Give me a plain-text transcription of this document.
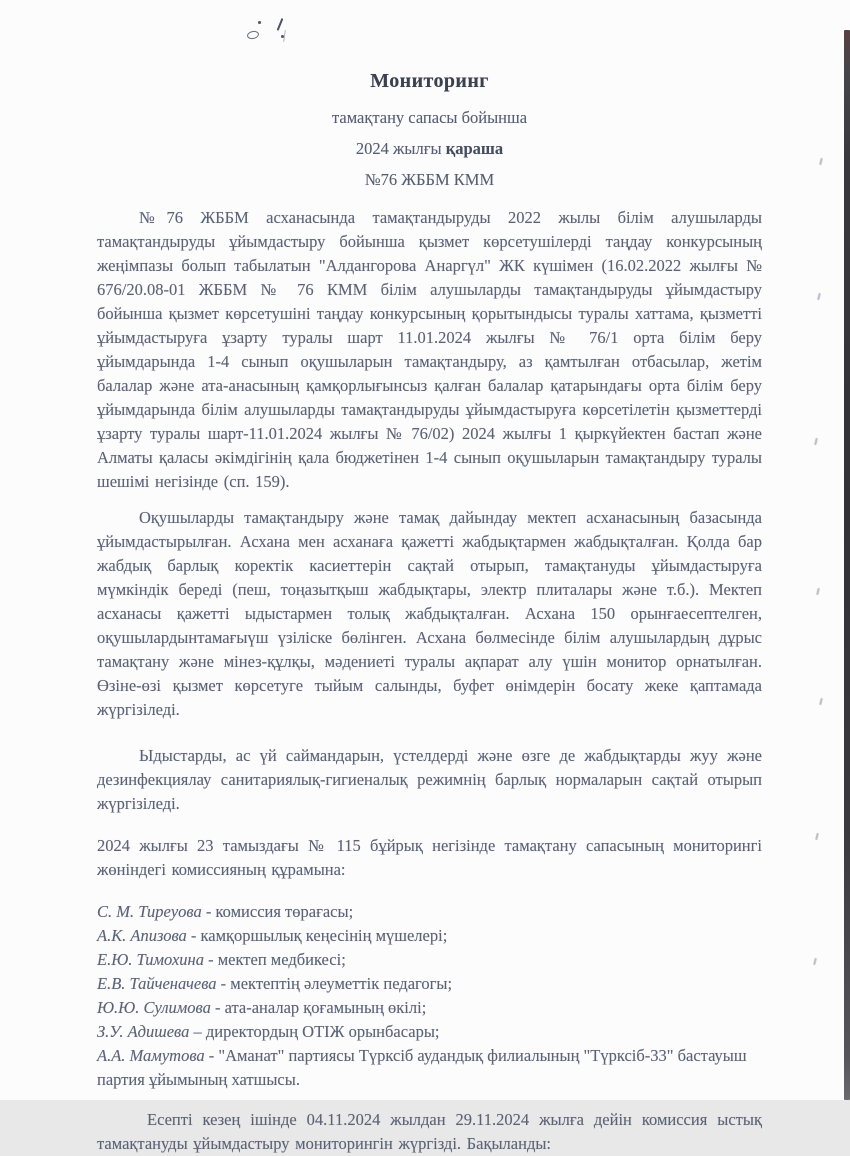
Мониторинг
тамақтану сапасы бойынша
2024 жылғы қараша
№76 ЖББМ КММ

№76 ЖББМ асханасында тамақтандыруды 2022 жылы білім алушыларды тамақтандыруды ұйымдастыру бойынша қызмет көрсетушілерді таңдау конкурсының жеңімпазы болып табылатын "Алдангорова Анаргүл" ЖК күшімен (16.02.2022 жылғы № 676/20.08-01 ЖББМ № 76 КММ білім алушыларды тамақтандыруды ұйымдастыру бойынша қызмет көрсетушіні таңдау конкурсының қорытындысы туралы хаттама, қызметті ұйымдастыруға ұзарту туралы шарт 11.01.2024 жылғы № 76/1 орта білім беру ұйымдарында 1-4 сынып оқушыларын тамақтандыру, аз қамтылған отбасылар, жетім балалар және ата-анасының қамқорлығынсыз қалған балалар қатарындағы орта білім беру ұйымдарында білім алушыларды тамақтандыруды ұйымдастыруға көрсетілетін қызметтерді ұзарту туралы шарт-11.01.2024 жылғы № 76/02) 2024 жылғы 1 қыркүйектен бастап және Алматы қаласы әкімдігінің қала бюджетінен 1-4 сынып оқушыларын тамақтандыру туралы шешімі негізінде (сп. 159).

Оқушыларды тамақтандыру және тамақ дайындау мектеп асханасының базасында ұйымдастырылған. Асхана мен асханаға қажетті жабдықтармен жабдықталған. Қолда бар жабдық барлық коректік касиеттерін сақтай отырып, тамақтануды ұйымдастыруға мүмкіндік береді (пеш, тоңазытқыш жабдықтары, электр плиталары және т.б.). Мектеп асханасы қажетті ыдыстармен толық жабдықталған. Асхана 150 орынғаесептелген, оқушылардынтамағыүш үзіліске бөлінген. Асхана бөлмесінде білім алушылардың дұрыс тамақтану және мінез-құлқы, мәдениеті туралы ақпарат алу үшін монитор орнатылған. Өзіне-өзі қызмет көрсетуге тыйым салынды, буфет өнімдерін босату жеке қаптамада жүргізіледі.

Ыдыстарды, ас үй саймандарын, үстелдерді және өзге де жабдықтарды жуу және дезинфекциялау санитариялық-гигиеналық режимнің барлық нормаларын сақтай отырып жүргізіледі.

2024 жылғы 23 тамыздағы № 115 бұйрық негізінде тамақтану сапасының мониторингі жөніндегі комиссияның құрамына:

С. М. Тиреуова - комиссия төрағасы;
А.К. Апизова - камқоршылық кеңесінің мүшелері;
Е.Ю. Тимохина - мектеп медбикесі;
Е.В. Тайченачева - мектептің әлеуметтік педагогы;
Ю.Ю. Сулимова - ата-аналар қоғамының өкілі;
З.У. Адишева – директордың ОТІЖ орынбасары;
А.А. Мамутова - "Аманат" партиясы Түрксіб аудандық филиалының "Түрксіб-33" бастауыш партия ұйымының хатшысы.

Есепті кезең ішінде 04.11.2024 жылдан 29.11.2024 жылға дейін комиссия ыстық тамақтануды ұйымдастыру мониторингін жүргізді. Бақыланды:
